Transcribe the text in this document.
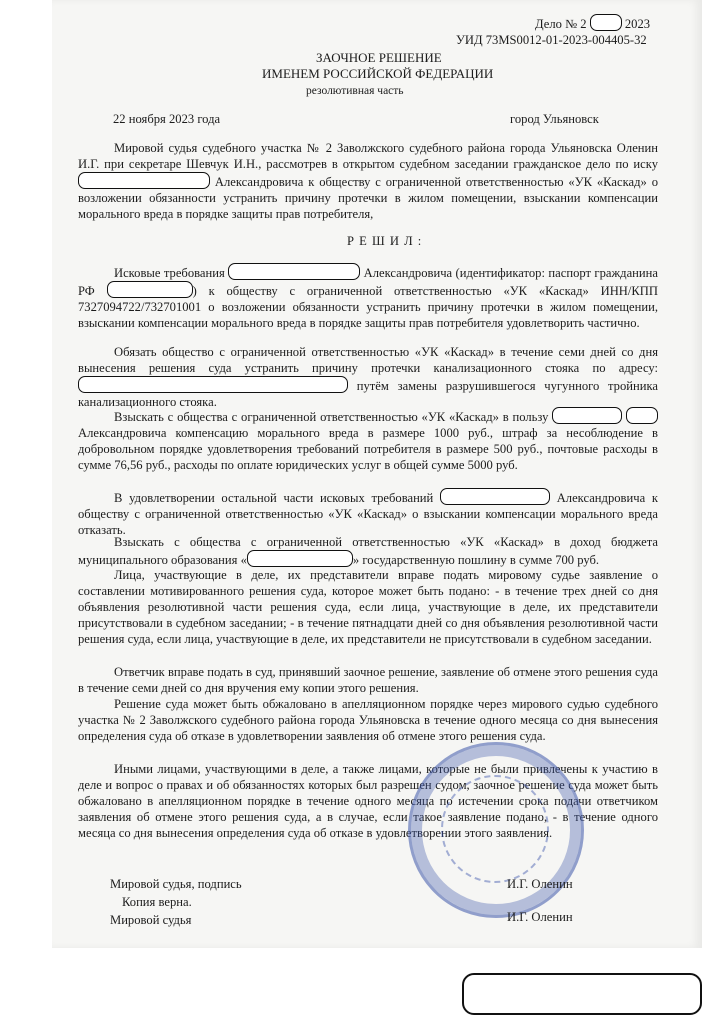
Дело № 2	2023
УИД 73MS0012-01-2023-004405-32
ЗАОЧНОЕ РЕШЕНИЕ
ИМЕНЕМ РОССИЙСКОЙ ФЕДЕРАЦИИ
резолютивная часть
22 ноября 2023 года	город Ульяновск
Мировой судья судебного участка № 2 Заволжского судебного района города Ульяновска Оленин И.Г. при секретаре Шевчук И.Н., рассмотрев в открытом судебном заседании гражданское дело по иску  Александровича к обществу с ограниченной ответственностью «УК «Каскад» о возложении обязанности устранить причину протечки в жилом помещении, взыскании компенсации морального вреда в порядке защиты прав потребителя,
Р Е Ш И Л :
Исковые требования	Александровича (идентификатор: паспорт гражданина РФ	) к обществу с ограниченной ответственностью «УК «Каскад» ИНН/КПП 7327094722/732701001 о возложении обязанности устранить причину протечки в жилом помещении, взыскании компенсации морального вреда в порядке защиты прав потребителя удовлетворить частично.
Обязать общество с ограниченной ответственностью «УК «Каскад» в течение семи дней со дня вынесения решения суда устранить причину протечки канализационного стояка по адресу:  путём замены разрушившегося чугунного тройника канализационного стояка.
Взыскать с общества с ограниченной ответственностью «УК «Каскад» в пользу   Александровича компенсацию морального вреда в размере 1000 руб., штраф за несоблюдение в добровольном порядке удовлетворения требований потребителя в размере 500 руб., почтовые расходы в сумме 76,56 руб., расходы по оплате юридических услуг в общей сумме 5000 руб.
В удовлетворении остальной части исковых требований	Александровича к обществу с ограниченной ответственностью «УК «Каскад» о взыскании компенсации морального вреда отказать.
Взыскать с общества с ограниченной ответственностью «УК «Каскад» в доход бюджета муниципального образования «	» государственную пошлину в сумме 700 руб.
Лица, участвующие в деле, их представители вправе подать мировому судье заявление о составлении мотивированного решения суда, которое может быть подано: - в течение трех дней со дня объявления резолютивной части решения суда, если лица, участвующие в деле, их представители присутствовали в судебном заседании; - в течение пятнадцати дней со дня объявления резолютивной части решения суда, если лица, участвующие в деле, их представители не присутствовали в судебном заседании.
Ответчик вправе подать в суд, принявший заочное решение, заявление об отмене этого решения суда в течение семи дней со дня вручения ему копии этого решения.
Решение суда может быть обжаловано в апелляционном порядке через мирового судью судебного участка № 2 Заволжского судебного района города Ульяновска в течение одного месяца со дня вынесения определения суда об отказе в удовлетворении заявления об отмене этого решения суда.
Иными лицами, участвующими в деле, а также лицами, которые не были привлечены к участию в деле и вопрос о правах и об обязанностях которых был разрешен судом, заочное решение суда может быть обжаловано в апелляционном порядке в течение одного месяца по истечении срока подачи ответчиком заявления об отмене этого решения суда, а в случае, если такое заявление подано, - в течение одного месяца со дня вынесения определения суда об отказе в удовлетворении этого заявления.
Мировой судья, подпись
Копия верна.
Мировой судья
И.Г. Оленин
И.Г. Оленин
